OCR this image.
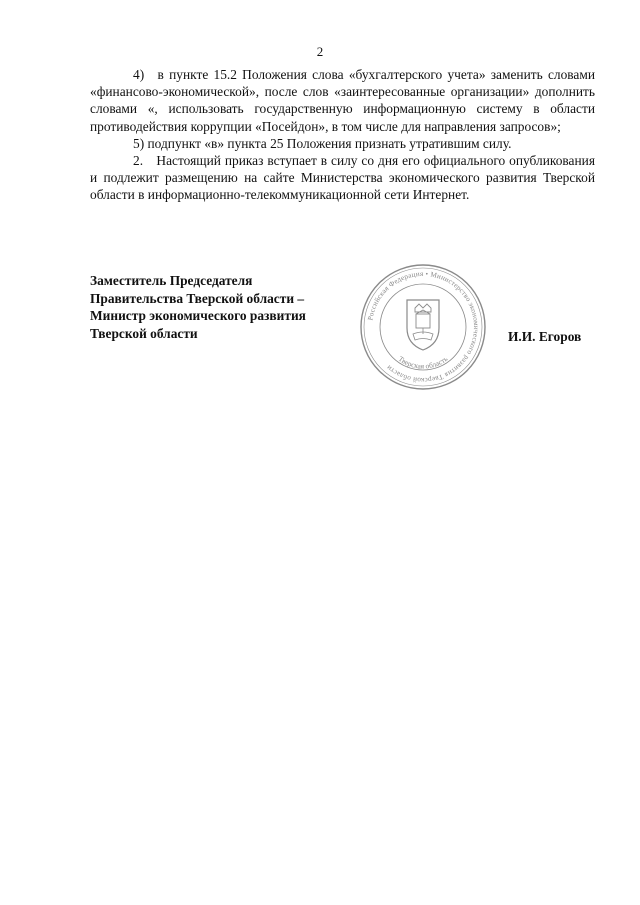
2

4) в пункте 15.2 Положения слова «бухгалтерского учета» заменить словами «финансово-экономической», после слов «заинтересованные организации» дополнить словами «, использовать государственную информационную систему в области противодействия коррупции «Посейдон», в том числе для направления запросов»;

5) подпункт «в» пункта 25 Положения признать утратившим силу.

2. Настоящий приказ вступает в силу со дня его официального опубликования и подлежит размещению на сайте Министерства экономического развития Тверской области в информационно-телекоммуникационной сети Интернет.

Заместитель Председателя
Правительства Тверской области –
Министр экономического развития
Тверской области
Российская Федерация • Министерство экономического развития Тверской области
Тверская область
И.И. Егоров
